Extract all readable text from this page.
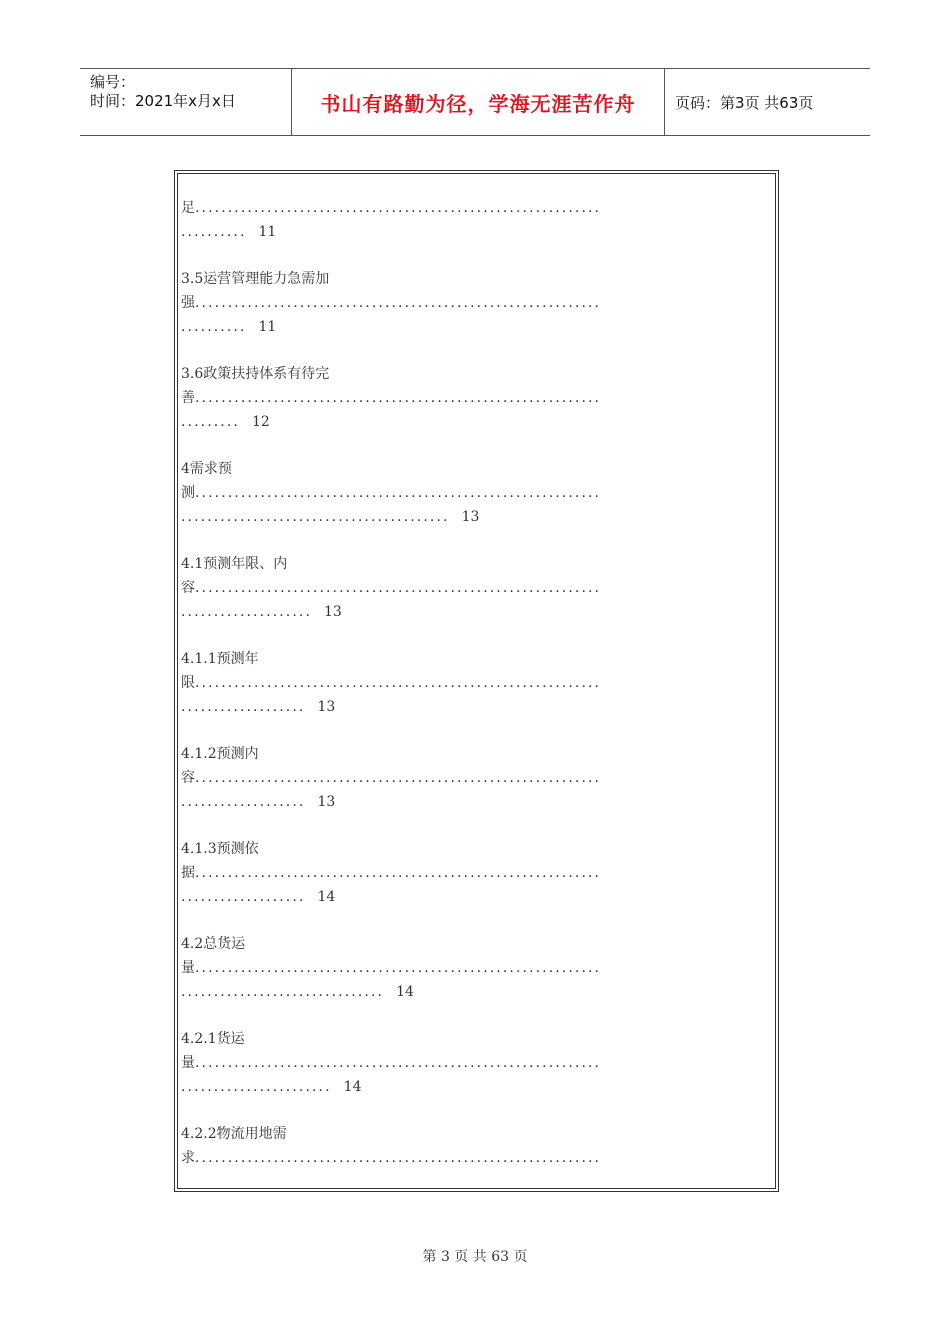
编号：
时间：2021年x月x日	书山有路勤为径，学海无涯苦作舟	页码：第3页 共63页
足..............................................................
.......... 11
3.5运营管理能力急需加
强..............................................................
.......... 11
3.6政策扶持体系有待完
善..............................................................
......... 12
4需求预
测..............................................................
......................................... 13
4.1预测年限、内
容..............................................................
.................... 13
4.1.1预测年
限..............................................................
................... 13
4.1.2预测内
容..............................................................
................... 13
4.1.3预测依
据..............................................................
................... 14
4.2总货运
量..............................................................
............................... 14
4.2.1货运
量..............................................................
....................... 14
4.2.2物流用地需
求..............................................................
第 3 页 共 63 页
